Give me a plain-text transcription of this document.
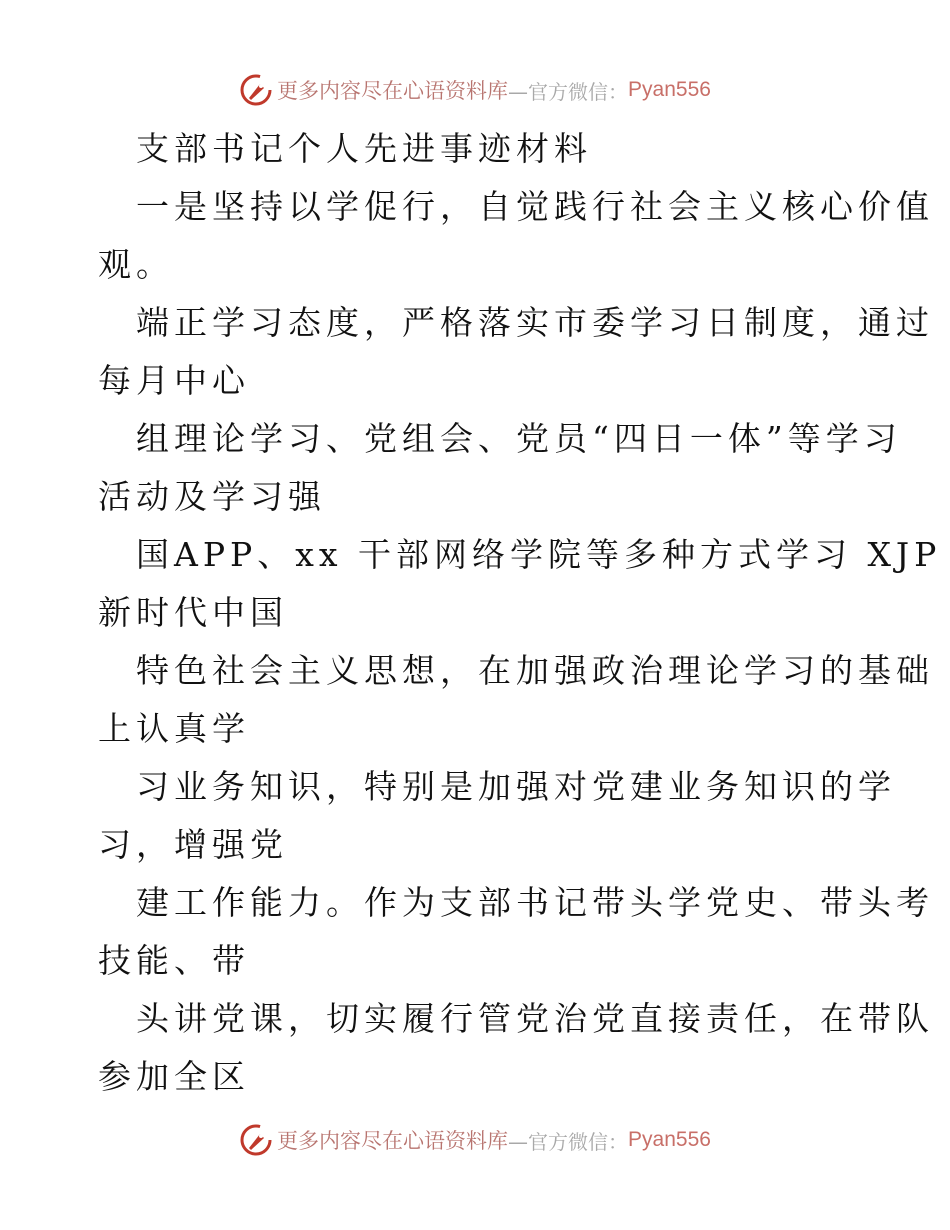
更多内容尽在心语资料库 —官方微信： Pyan556
支部书记个人先进事迹材料
一是坚持以学促行，自觉践行社会主义核心价值
观。
端正学习态度，严格落实市委学习日制度，通过
每月中心
组理论学习、党组会、党员“四日一体”等学习
活动及学习强
国APP、xx 干部网络学院等多种方式学习 XJP
新时代中国
特色社会主义思想，在加强政治理论学习的基础
上认真学
习业务知识，特别是加强对党建业务知识的学
习，增强党
建工作能力。作为支部书记带头学党史、带头考
技能、带
头讲党课，切实履行管党治党直接责任，在带队
参加全区
更多内容尽在心语资料库 —官方微信： Pyan556
